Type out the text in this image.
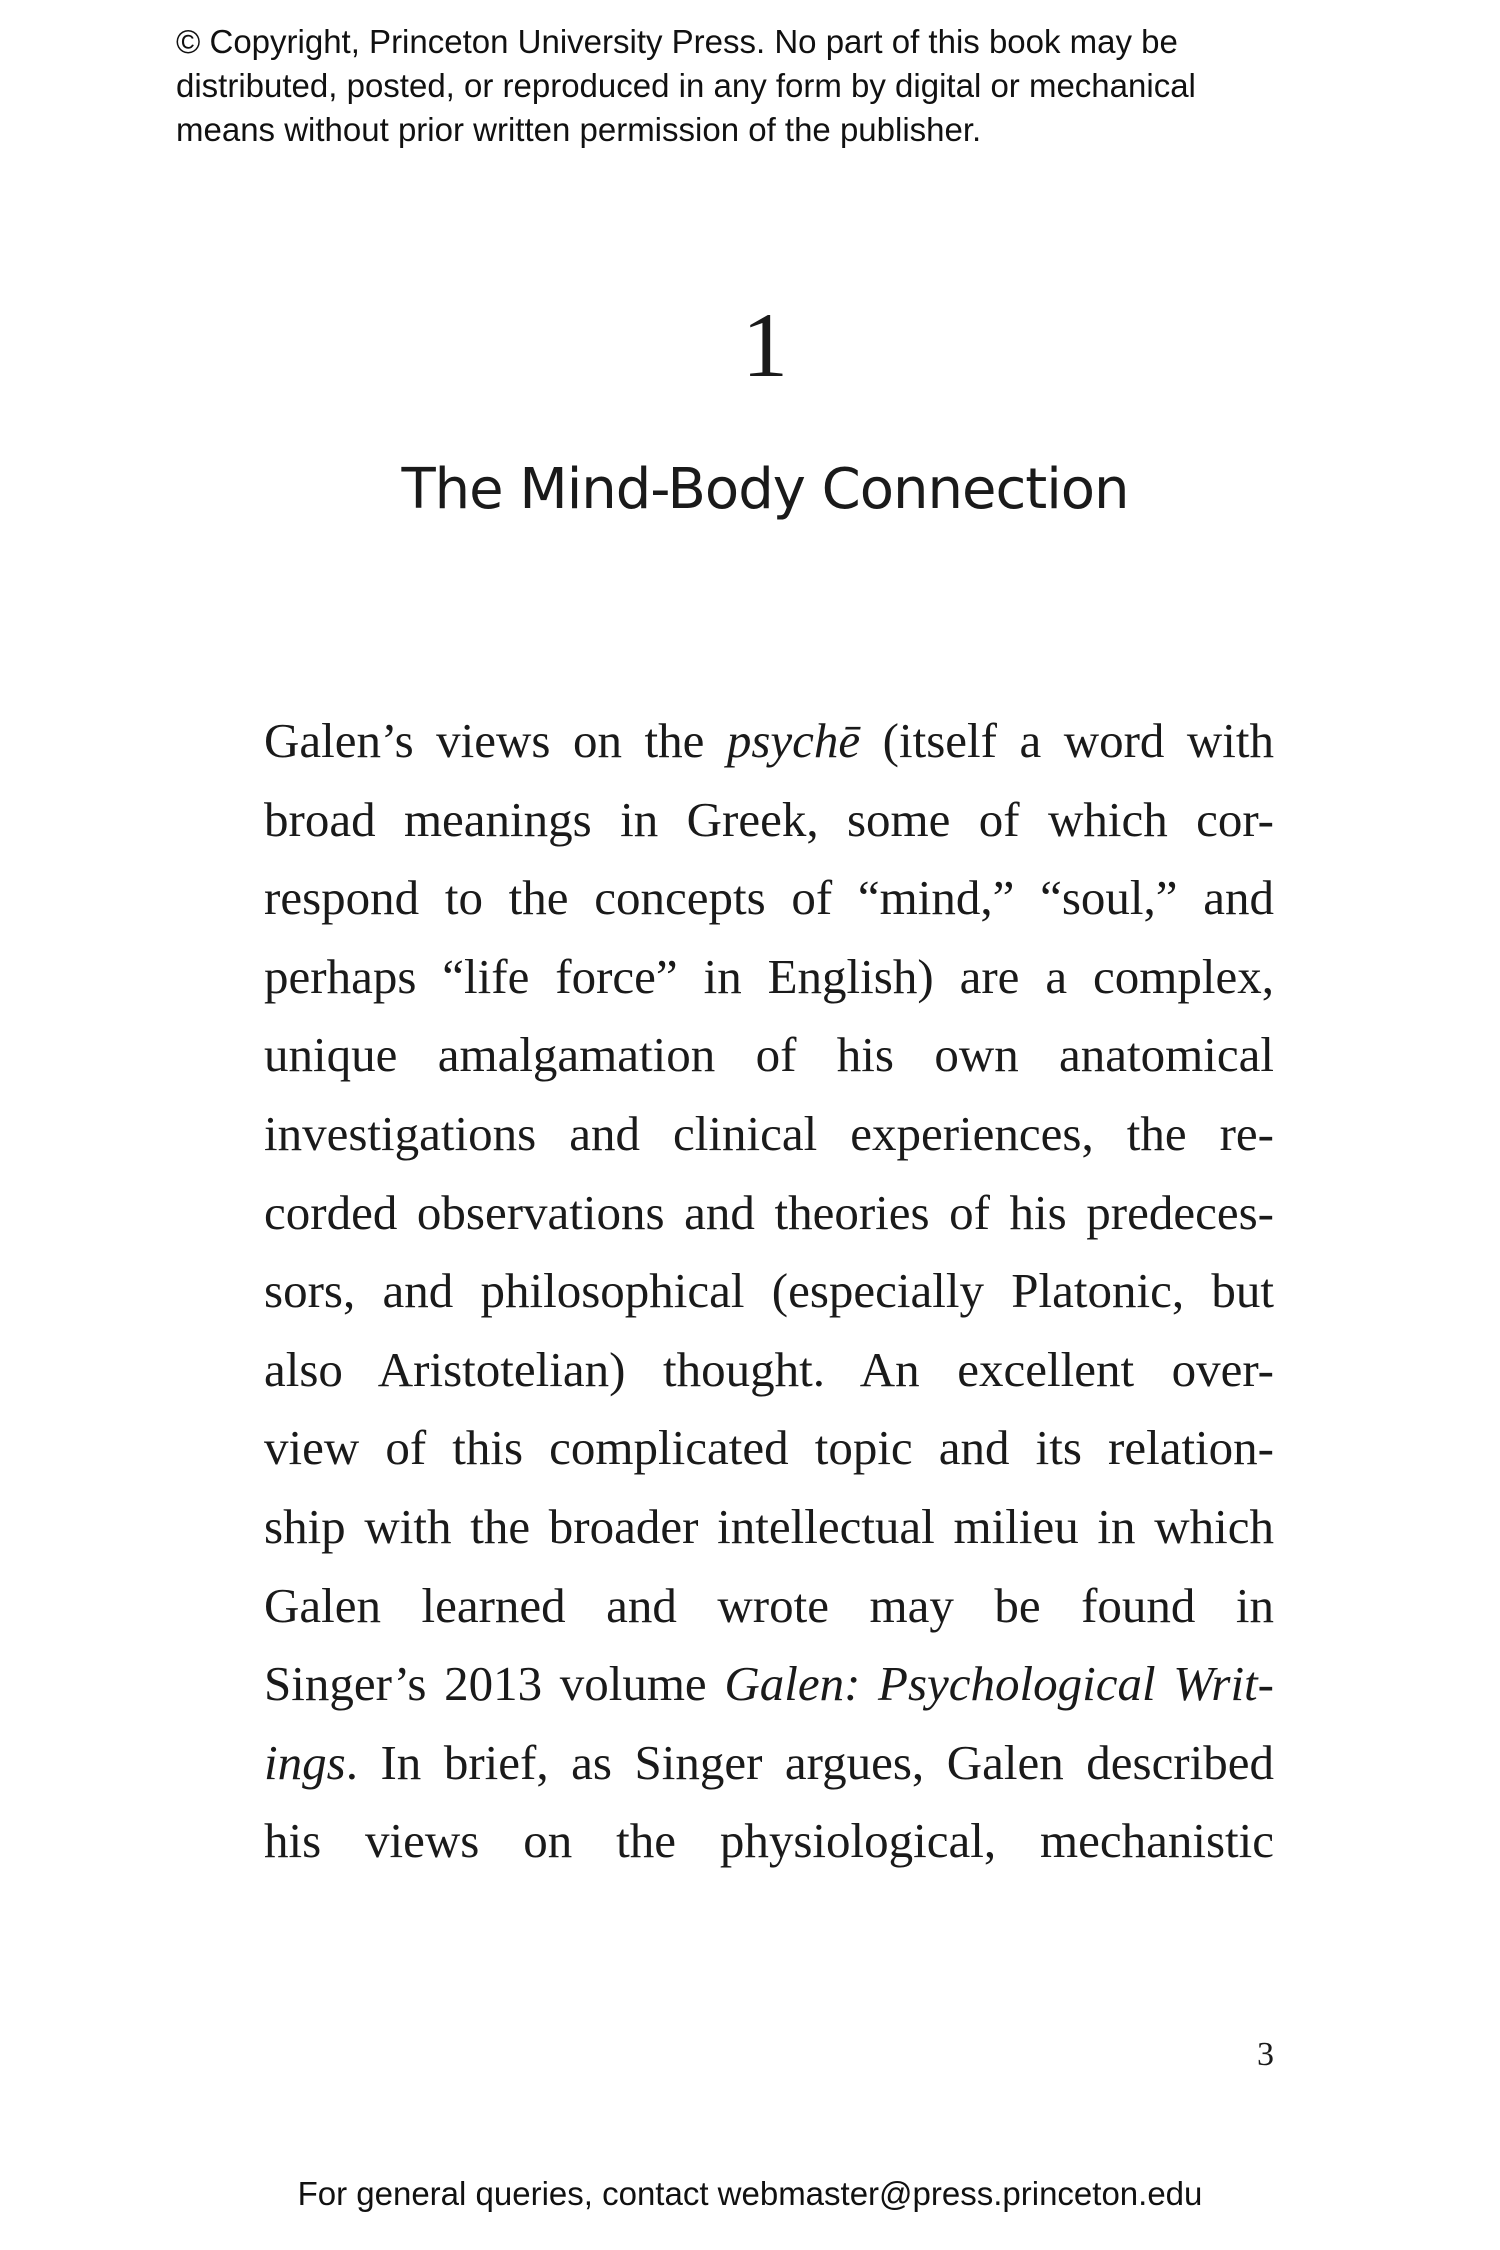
© Copyright, Princeton University Press. No part of this book may be
distributed, posted, or reproduced in any form by digital or mechanical
means without prior written permission of the publisher.
1
The Mind-Body Connection
Galen’s views on the psychē (itself a word with
broad meanings in Greek, some of which cor-
respond to the concepts of “mind,” “soul,” and
perhaps “life force” in English) are a complex,
unique amalgamation of his own anatomical
investigations and clinical experiences, the re-
corded observations and theories of his predeces-
sors, and philosophical (especially Platonic, but
also Aristotelian) thought. An excellent over-
view of this complicated topic and its relation-
ship with the broader intellectual milieu in which
Galen learned and wrote may be found in
Singer’s 2013 volume Galen: Psychological Writ-
ings. In brief, as Singer argues, Galen described
his views on the physiological, mechanistic
3
For general queries, contact webmaster@press.princeton.edu
